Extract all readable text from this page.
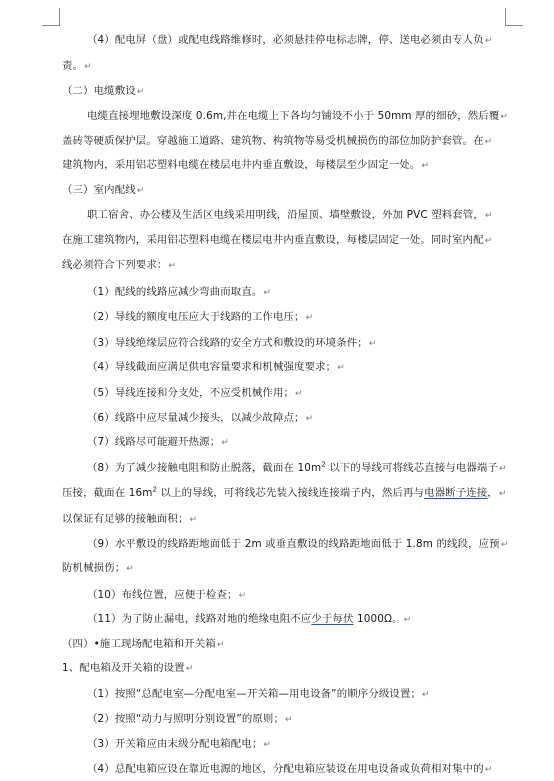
（4）配电屏（盘）或配电线路维修时，必须悬挂停电标志牌，停、送电必须由专人负↵
责。↵
（二）电缆敷设↵
电缆直接埋地敷设深度 0.6m,并在电缆上下各均匀铺设不小于 50mm 厚的细砂，然后覆↵
盖砖等硬质保护层。穿越施工道路、建筑物、构筑物等易受机械损伤的部位加防护套管。在↵
建筑物内，采用铝芯塑料电缆在楼层电井内垂直敷设，每楼层至少固定一处。↵
（三）室内配线↵
职工宿舍、办公楼及生活区电线采用明线，沿屋顶、墙壁敷设，外加 PVC 塑料套管，↵
在施工建筑物内，采用铝芯塑料电缆在楼层电井内垂直敷设，每楼层固定一处。同时室内配↵
线必须符合下列要求：↵
（1）配线的线路应减少弯曲而取直。↵
（2）导线的额度电压应大于线路的工作电压；↵
（3）导线绝缘层应符合线路的安全方式和敷设的环境条件；↵
（4）导线截面应满足供电容量要求和机械强度要求；↵
（5）导线连接和分支处，不应受机械作用；↵
（6）线路中应尽量减少接头，以减少故障点；↵
（7）线路尽可能避开热源；↵
（8）为了减少接触电阻和防止脱落，截面在 $10m^2$ 以下的导线可将线芯直接与电器端子↵
压接，截面在 $16m^2$ 以上的导线，可将线芯先装入接线连接端子内，然后再与电器断子连接，↵
以保证有足够的接触面积；↵
（9）水平敷设的线路距地面低于 2m 或垂直敷设的线路距地面低于 1.8m 的线段，应预↵
防机械损伤；↵
（10）布线位置，应便于检查；↵
（11）为了防止漏电，线路对地的绝缘电阻不应少于每伏 1000Ω。↵
（四）•施工现场配电箱和开关箱↵
1、配电箱及开关箱的设置↵
（1）按照“总配电室—分配电室—开关箱—用电设备”的顺序分级设置；↵
（2）按照“动力与照明分别设置”的原则；↵
（3）开关箱应由末级分配电箱配电；↵
（4）总配电箱应设在靠近电源的地区，分配电箱应装设在用电设备或负荷相对集中的↵
